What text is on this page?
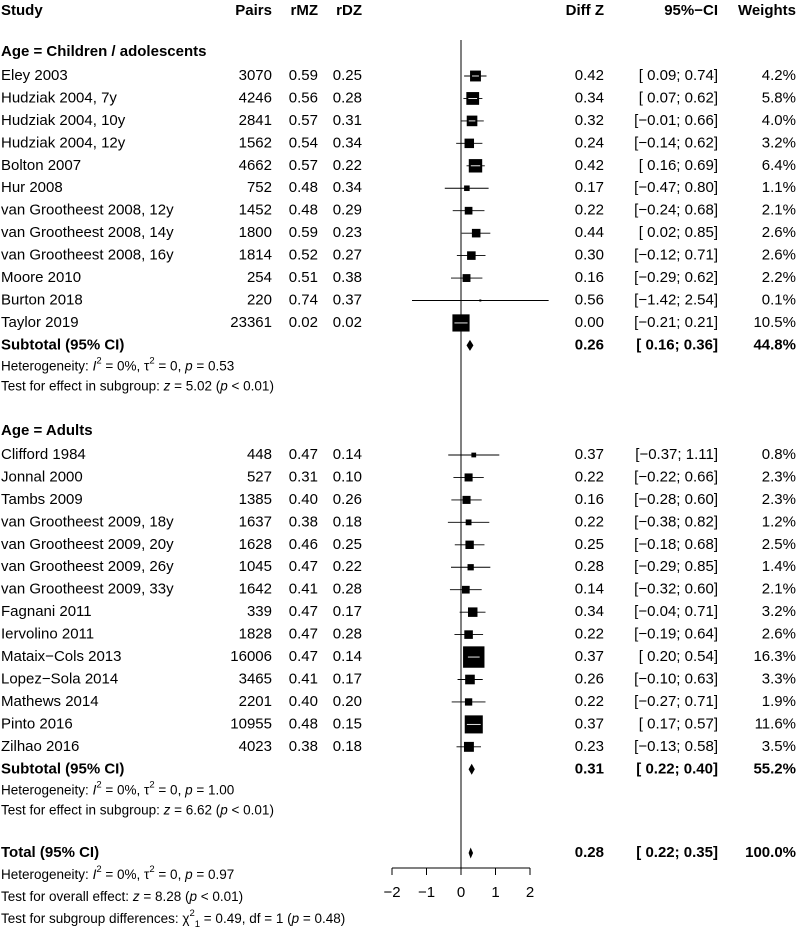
Study	Pairs rMZ rDZ	Diff Z	95%−CI Weights
Age = Children / adolescents
Eley 2003	3070 0.59 0.25	0.42 [ 0.09; 0.74]	4.2%
Hudziak 2004, 7y	4246 0.56 0.28	0.34 [ 0.07; 0.62]	5.8%
Hudziak 2004, 10y	2841 0.57 0.31	0.32 [−0.01; 0.66]	4.0%
Hudziak 2004, 12y	1562 0.54 0.34	0.24 [−0.14; 0.62]	3.2%
Bolton 2007	4662 0.57 0.22	0.42 [ 0.16; 0.69]	6.4%
Hur 2008	752 0.48 0.34	0.17 [−0.47; 0.80]	1.1%
van Grootheest 2008, 12y	1452 0.48 0.29	0.22 [−0.24; 0.68]	2.1%
van Grootheest 2008, 14y	1800 0.59 0.23	0.44 [ 0.02; 0.85]	2.6%
van Grootheest 2008, 16y	1814 0.52 0.27	0.30 [−0.12; 0.71]	2.6%
Moore 2010	254 0.51 0.38	0.16 [−0.29; 0.62]	2.2%
Burton 2018	220 0.74 0.37	0.56 [−1.42; 2.54]	0.1%
Taylor 2019	23361 0.02 0.02	0.00 [−0.21; 0.21] 10.5%
Subtotal (95% CI)	0.26 [ 0.16; 0.36] 44.8%
Heterogeneity: $I^2 = 0\%$, $\tau^2 = 0$, p = 0.53
Test for effect in subgroup: z = 5.02 (p < 0.01)
Age = Adults
Clifford 1984	448 0.47 0.14	0.37 [−0.37; 1.11]	0.8%
Jonnal 2000	527 0.31 0.10	0.22 [−0.22; 0.66]	2.3%
Tambs 2009	1385 0.40 0.26	0.16 [−0.28; 0.60]	2.3%
van Grootheest 2009, 18y	1637 0.38 0.18	0.22 [−0.38; 0.82]	1.2%
van Grootheest 2009, 20y	1628 0.46 0.25	0.25 [−0.18; 0.68]	2.5%
van Grootheest 2009, 26y	1045 0.47 0.22	0.28 [−0.29; 0.85]	1.4%
van Grootheest 2009, 33y	1642 0.41 0.28	0.14 [−0.32; 0.60]	2.1%
Fagnani 2011	339 0.47 0.17	0.34 [−0.04; 0.71]	3.2%
Iervolino 2011	1828 0.47 0.28	0.22 [−0.19; 0.64]	2.6%
Mataix−Cols 2013	16006 0.47 0.14	0.37 [ 0.20; 0.54] 16.3%
Lopez−Sola 2014	3465 0.41 0.17	0.26 [−0.10; 0.63]	3.3%
Mathews 2014	2201 0.40 0.20	0.22 [−0.27; 0.71]	1.9%
Pinto 2016	10955 0.48 0.15	0.37 [ 0.17; 0.57] 11.6%
Zilhao 2016	4023 0.38 0.18	0.23 [−0.13; 0.58]	3.5%
Subtotal (95% CI)	0.31 [ 0.22; 0.40] 55.2%
Heterogeneity: $I^2 = 0\%$, $\tau^2 = 0$, p = 1.00
Test for effect in subgroup: z = 6.62 (p < 0.01)
Total (95% CI)	0.28 [ 0.22; 0.35] 100.0%
Heterogeneity: $I^2 = 0\%$, $\tau^2 = 0$, p = 0.97
Test for overall effect: z = 8.28 (p < 0.01)
Test for subgroup differences: $\chi^2_1 = 0.49$, df = 1 (p = 0.48)
−2 −1 0 1 2
